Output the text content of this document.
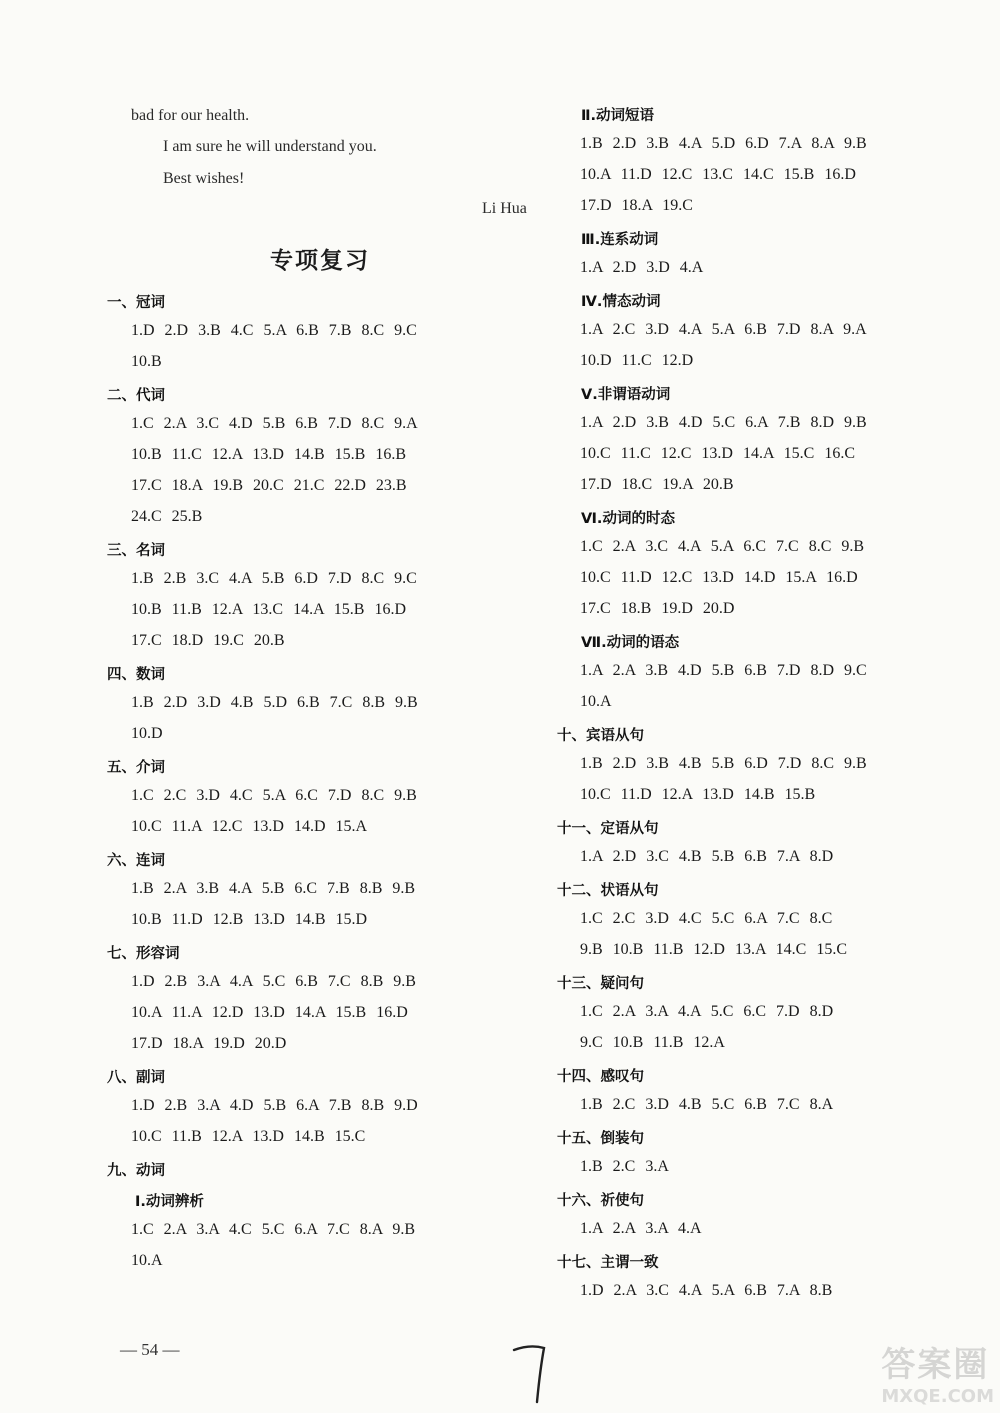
bad for our health.
I am sure he will understand you.
Best wishes!
Li Hua
专项复习
一、冠词
1.D  2.D  3.B  4.C  5.A  6.B  7.B  8.C  9.C
10.B
二、代词
1.C  2.A  3.C  4.D  5.B  6.B  7.D  8.C  9.A
10.B  11.C  12.A  13.D  14.B  15.B  16.B
17.C  18.A  19.B  20.C  21.C  22.D  23.B
24.C  25.B
三、名词
1.B  2.B  3.C  4.A  5.B  6.D  7.D  8.C  9.C
10.B  11.B  12.A  13.C  14.A  15.B  16.D
17.C  18.D  19.C  20.B
四、数词
1.B  2.D  3.D  4.B  5.D  6.B  7.C  8.B  9.B
10.D
五、介词
1.C  2.C  3.D  4.C  5.A  6.C  7.D  8.C  9.B
10.C  11.A  12.C  13.D  14.D  15.A
六、连词
1.B  2.A  3.B  4.A  5.B  6.C  7.B  8.B  9.B
10.B  11.D  12.B  13.D  14.B  15.D
七、形容词
1.D  2.B  3.A  4.A  5.C  6.B  7.C  8.B  9.B
10.A  11.A  12.D  13.D  14.A  15.B  16.D
17.D  18.A  19.D  20.D
八、副词
1.D  2.B  3.A  4.D  5.B  6.A  7.B  8.B  9.D
10.C  11.B  12.A  13.D  14.B  15.C
九、动词
Ⅰ.动词辨析
1.C  2.A  3.A  4.C  5.C  6.A  7.C  8.A  9.B
10.A
Ⅱ.动词短语
1.B  2.D  3.B  4.A  5.D  6.D  7.A  8.A  9.B
10.A  11.D  12.C  13.C  14.C  15.B  16.D
17.D  18.A  19.C
Ⅲ.连系动词
1.A  2.D  3.D  4.A
Ⅳ.情态动词
1.A  2.C  3.D  4.A  5.A  6.B  7.D  8.A  9.A
10.D  11.C  12.D
Ⅴ.非谓语动词
1.A  2.D  3.B  4.D  5.C  6.A  7.B  8.D  9.B
10.C  11.C  12.C  13.D  14.A  15.C  16.C
17.D  18.C  19.A  20.B
Ⅵ.动词的时态
1.C  2.A  3.C  4.A  5.A  6.C  7.C  8.C  9.B
10.C  11.D  12.C  13.D  14.D  15.A  16.D
17.C  18.B  19.D  20.D
Ⅶ.动词的语态
1.A  2.A  3.B  4.D  5.B  6.B  7.D  8.D  9.C
10.A
十、宾语从句
1.B  2.D  3.B  4.B  5.B  6.D  7.D  8.C  9.B
10.C  11.D  12.A  13.D  14.B  15.B
十一、定语从句
1.A  2.D  3.C  4.B  5.B  6.B  7.A  8.D
十二、状语从句
1.C  2.C  3.D  4.C  5.C  6.A  7.C  8.C
9.B  10.B  11.B  12.D  13.A  14.C  15.C
十三、疑问句
1.C  2.A  3.A  4.A  5.C  6.C  7.D  8.D
9.C  10.B  11.B  12.A
十四、感叹句
1.B  2.C  3.D  4.B  5.C  6.B  7.C  8.A
十五、倒装句
1.B  2.C  3.A
十六、祈使句
1.A  2.A  3.A  4.A
十七、主谓一致
1.D  2.A  3.C  4.A  5.A  6.B  7.A  8.B
— 54 —	答案圈
MXQE.COM
